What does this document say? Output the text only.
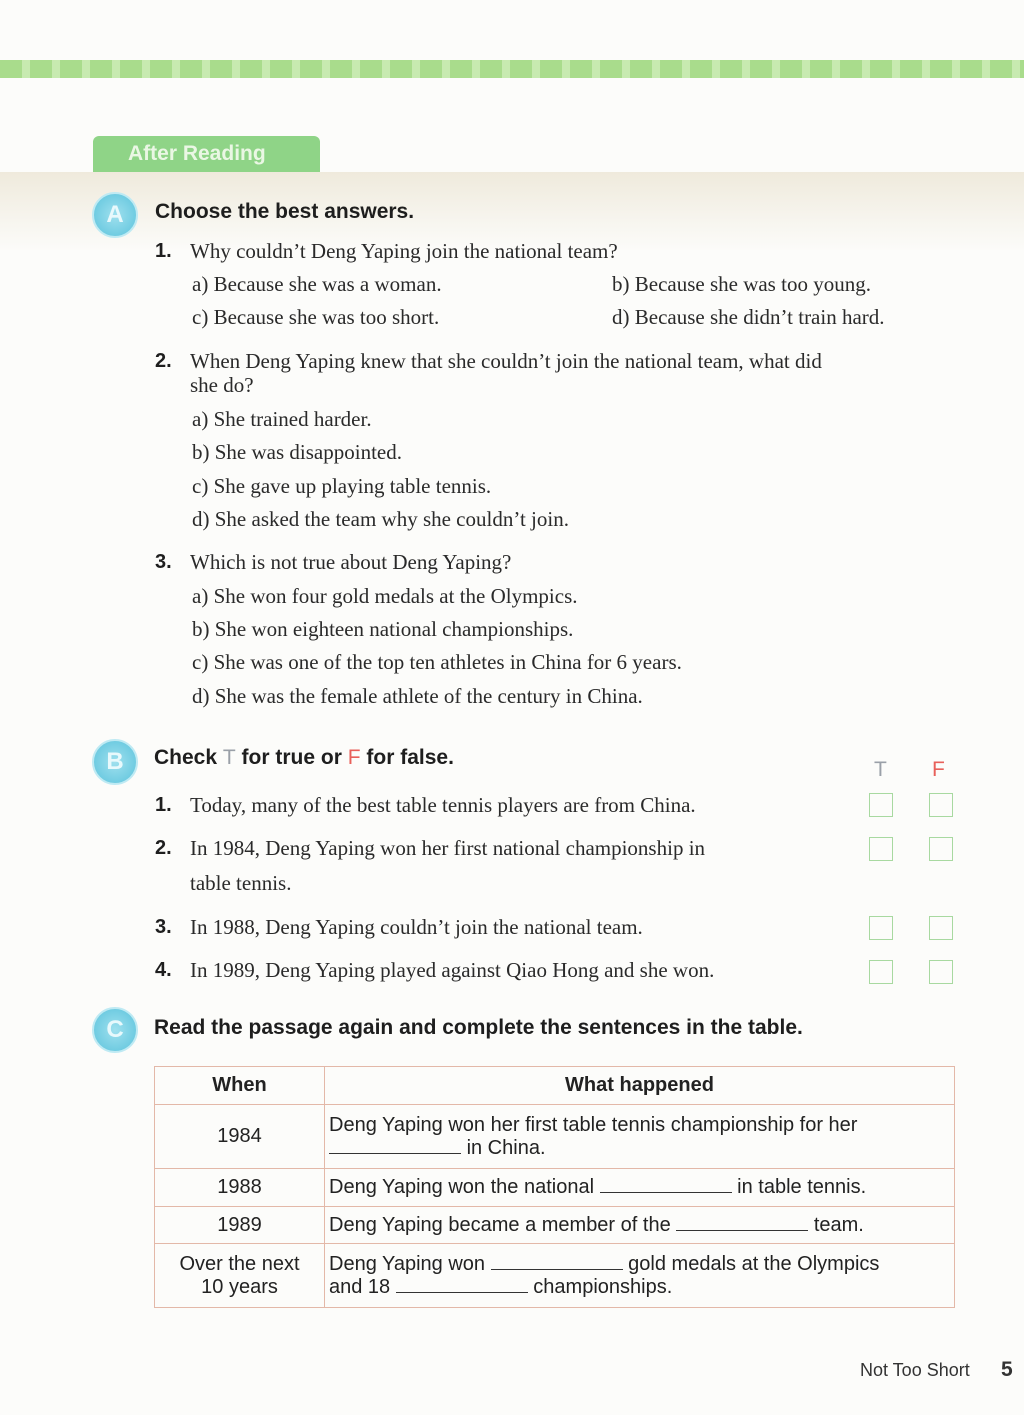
After Reading
A	Choose the best answers.
1. Why couldn’t Deng Yaping join the national team?
a) Because she was a woman.	b) Because she was too young.
c) Because she was too short.	d) Because she didn’t train hard.
2. When Deng Yaping knew that she couldn’t join the national team, what did
she do?
a) She trained harder.
b) She was disappointed.
c) She gave up playing table tennis.
d) She asked the team why she couldn’t join.
3. Which is not true about Deng Yaping?
a) She won four gold medals at the Olympics.
b) She won eighteen national championships.
c) She was one of the top ten athletes in China for 6 years.
d) She was the female athlete of the century in China.
B	Check T for true or F for false.
T F
1. Today, many of the best table tennis players are from China.
2. In 1984, Deng Yaping won her first national championship in
table tennis.
3. In 1988, Deng Yaping couldn’t join the national team.
4. In 1989, Deng Yaping played against Qiao Hong and she won.
C	Read the passage again and complete the sentences in the table.
When	What happened
1984	Deng Yaping won her first table tennis championship for her
in China.
1988	Deng Yaping won the national in table tennis.
1989	Deng Yaping became a member of the team.
Over the next
10 years	Deng Yaping won gold medals at the Olympics
and 18 championships.
Not Too Short 5
